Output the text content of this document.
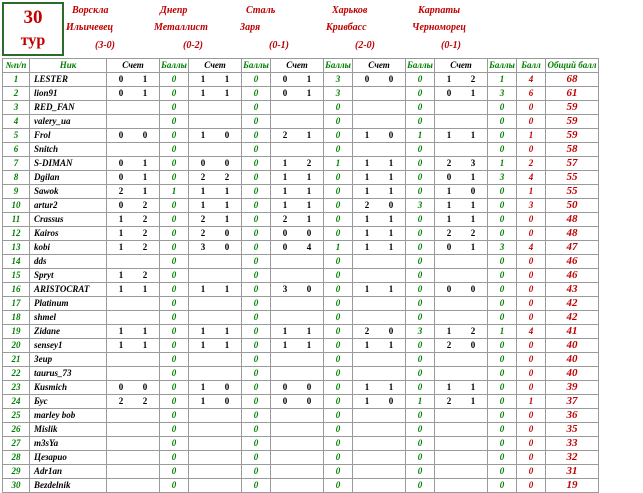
30
тур
Ворскла
Ильичевец
(3-0)
Днепр
Металлист
(0-2)
Сталь
Заря
(0-1)
Харьков
Кривбасс
(2-0)
Карпаты
Черноморец
(0-1)
№п/п	Ник	Счет	Баллы	Счет	Баллы	Счет	Баллы	Счет	Баллы	Счет	Баллы	Балл	Общий балл
1	LESTER	0 1	0	1 1	0	0 1	3	0 0	0	1 2	1	4	68
2	lion91	0 1	0	1 1	0	0 1	3		0	0 1	3	6	61
3	RED_FAN		0		0		0		0		0	0	59
4	valery_ua		0		0		0		0		0	0	59
5	Frol	0 0	0	1 0	0	2 1	0	1 0	1	1 1	0	1	59
6	Snitch		0		0		0		0		0	0	58
7	S-DIMAN	0 1	0	0 0	0	1 2	1	1 1	0	2 3	1	2	57
8	Dgilan	0 1	0	2 2	0	1 1	0	1 1	0	0 1	3	4	55
9	Sawok	2 1	1	1 1	0	1 1	0	1 1	0	1 0	0	1	55
10	artur2	0 2	0	1 1	0	1 1	0	2 0	3	1 1	0	3	50
11	Crassus	1 2	0	2 1	0	2 1	0	1 1	0	1 1	0	0	48
12	Kairos	1 2	0	2 0	0	0 0	0	1 1	0	2 2	0	0	48
13	kobi	1 2	0	3 0	0	0 4	1	1 1	0	0 1	3	4	47
14	dds		0		0		0		0		0	0	46
15	Spryt	1 2	0		0		0		0		0	0	46
16	ARISTOCRAT	1 1	0	1 1	0	3 0	0	1 1	0	0 0	0	0	43
17	Platinum		0		0		0		0		0	0	42
18	shmel		0		0		0		0		0	0	42
19	Zidane	1 1	0	1 1	0	1 1	0	2 0	3	1 2	1	4	41
20	sensey1	1 1	0	1 1	0	1 1	0	1 1	0	2 0	0	0	40
21	Зеир		0		0		0		0		0	0	40
22	taurus_73		0		0		0		0		0	0	40
23	Kusmich	0 0	0	1 0	0	0 0	0	1 1	0	1 1	0	0	39
24	Бус	2 2	0	1 0	0	0 0	0	1 0	1	2 1	0	1	37
25	marley bob		0		0		0		0		0	0	36
26	Mislik		0		0		0		0		0	0	35
27	m3sYa		0		0		0		0		0	0	33
28	Цезарио		0		0		0		0		0	0	32
29	Adr1an		0		0		0		0		0	0	31
30	Bezdelnik		0		0		0		0		0	0	19
